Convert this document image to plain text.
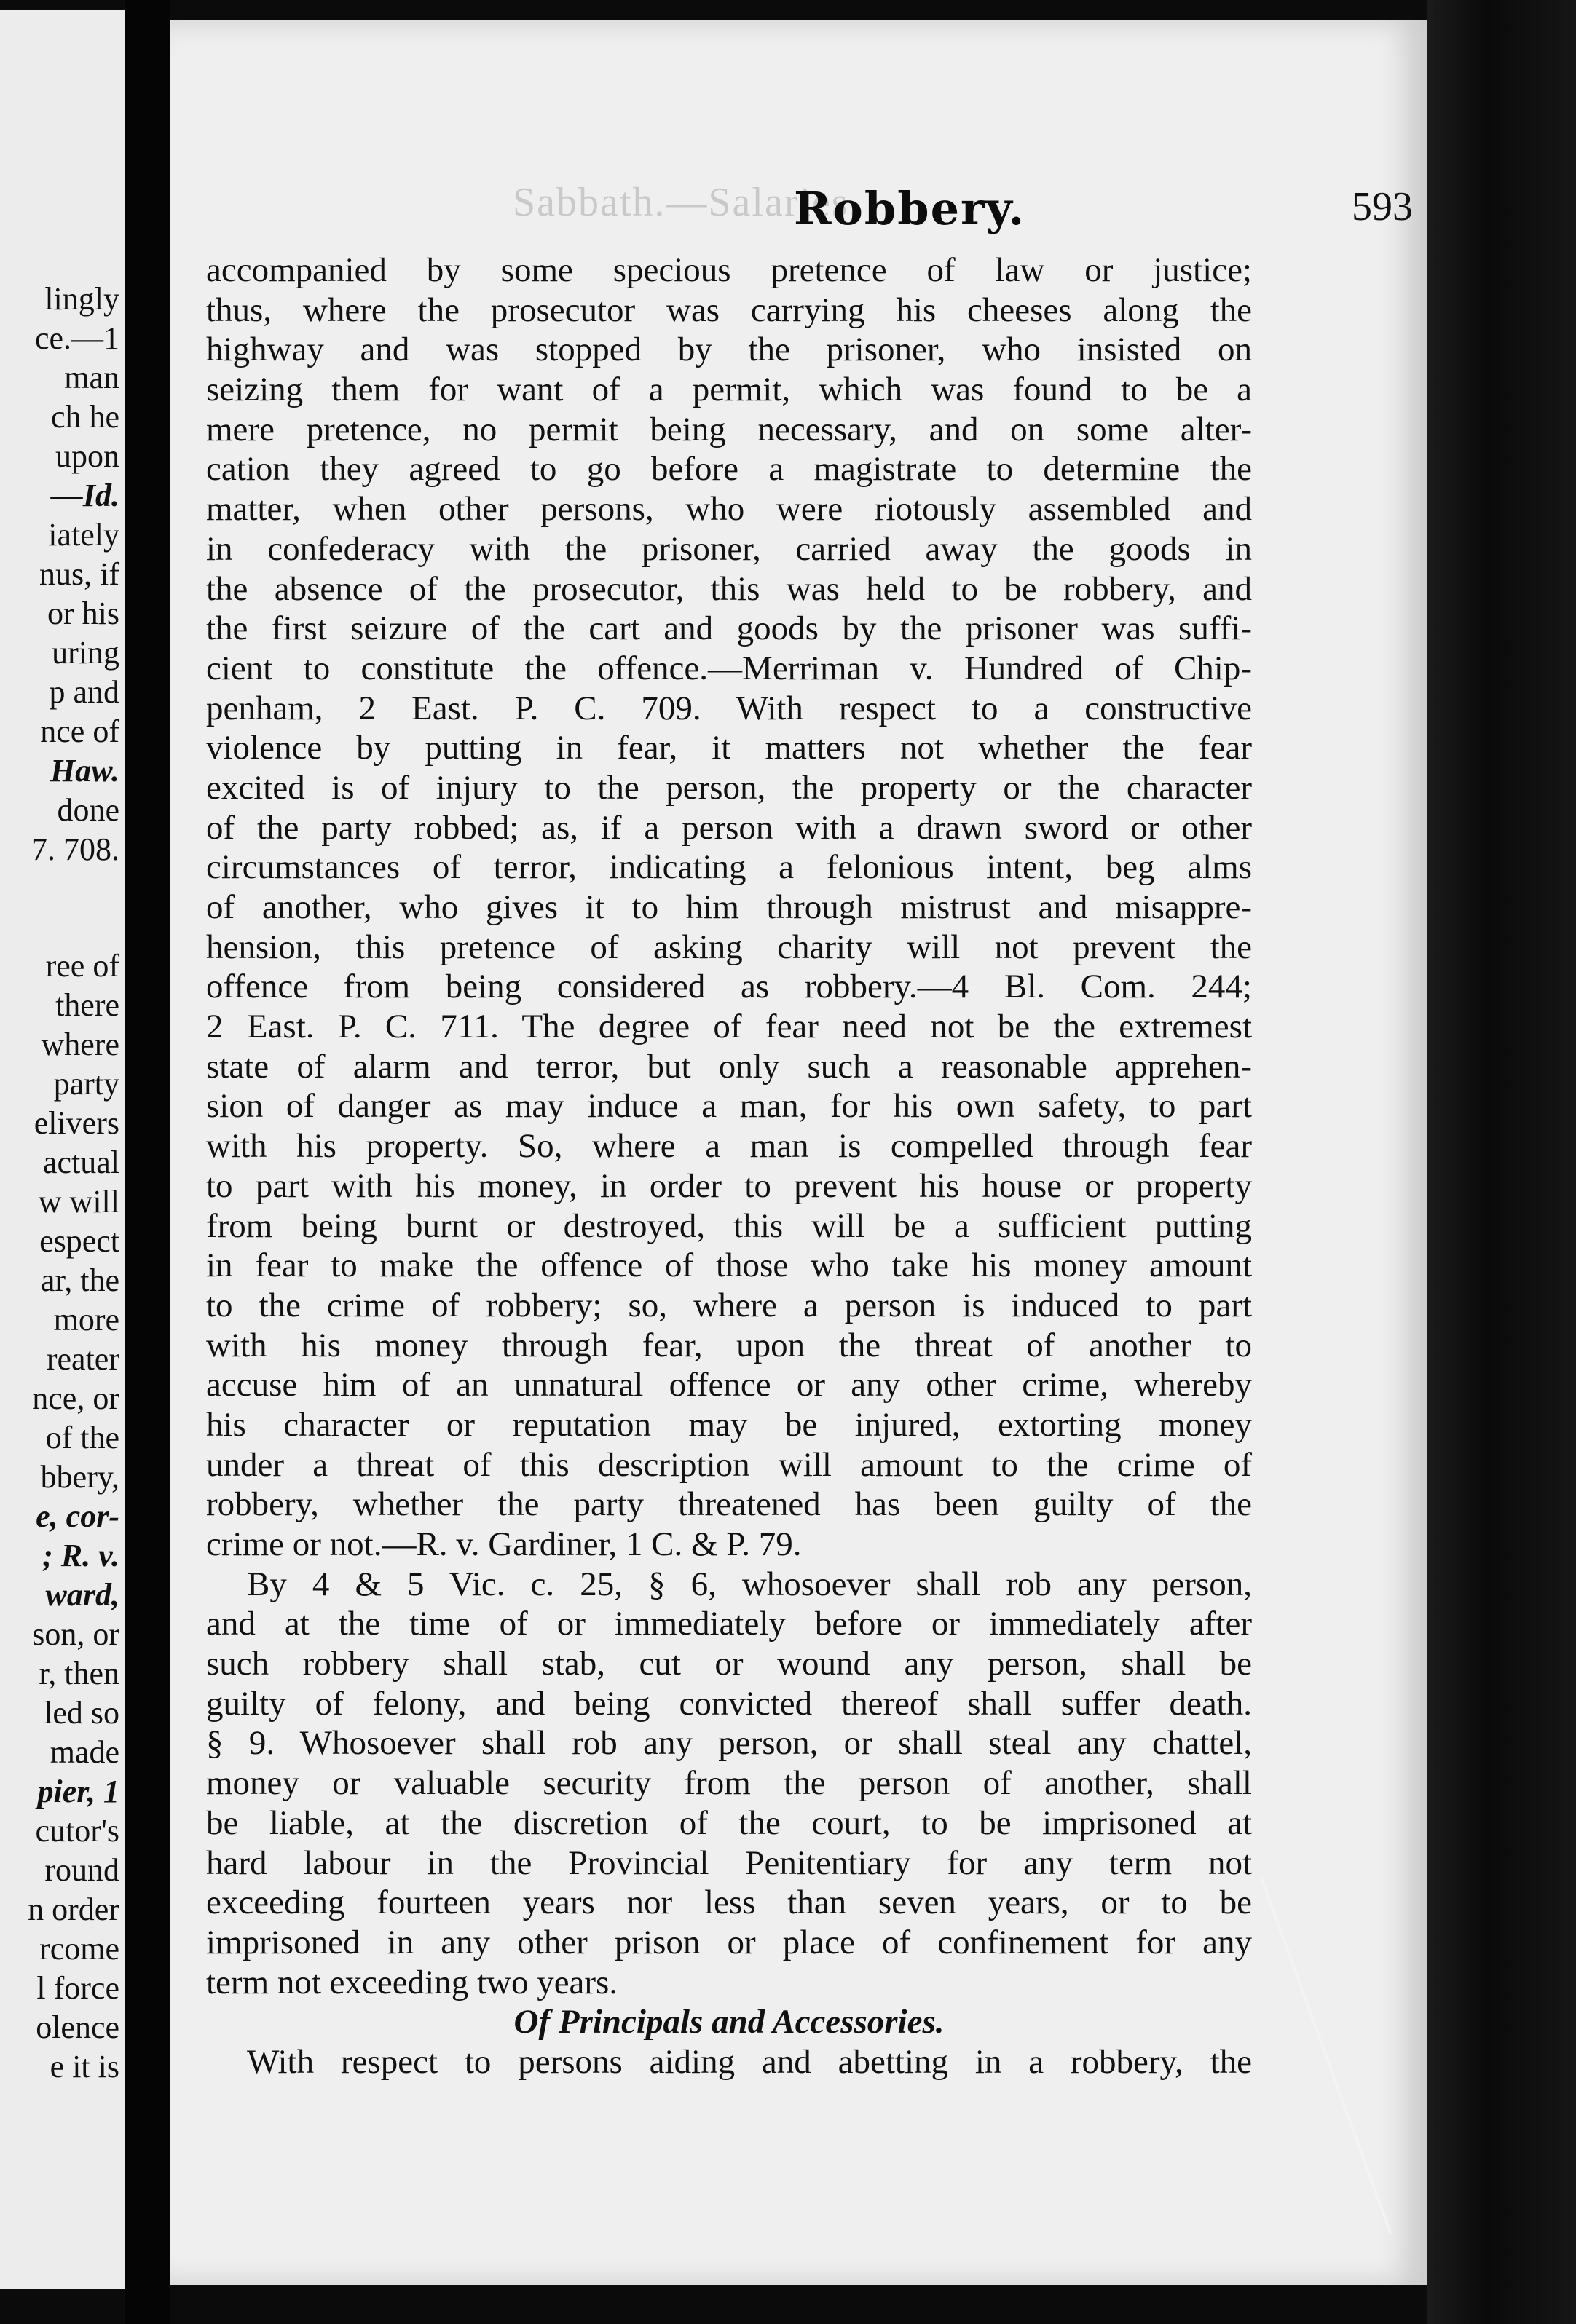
lingly
ce.—1
man
ch he
upon
—Id.
iately
nus, if
or his
uring
p and
nce of
Haw.
done
7. 708.
ree of
there
where
party
elivers
actual
w will
espect
ar, the
more
reater
nce, or
of the
bbery,
e, cor-
; R. v.
ward,
son, or
r, then
led so
made
pier, 1
cutor's
round
n order
rcome
l force
olence
e it is
Sabbath.—Salaries.
Robbery.	593
accompanied by some specious pretence of law or justice;
thus, where the prosecutor was carrying his cheeses along the
highway and was stopped by the prisoner, who insisted on
seizing them for want of a permit, which was found to be a
mere pretence, no permit being necessary, and on some alter-
cation they agreed to go before a magistrate to determine the
matter, when other persons, who were riotously assembled and
in confederacy with the prisoner, carried away the goods in
the absence of the prosecutor, this was held to be robbery, and
the first seizure of the cart and goods by the prisoner was suffi-
cient to constitute the offence.—Merriman v. Hundred of Chip-
penham, 2 East. P. C. 709. With respect to a constructive
violence by putting in fear, it matters not whether the fear
excited is of injury to the person, the property or the character
of the party robbed; as, if a person with a drawn sword or other
circumstances of terror, indicating a felonious intent, beg alms
of another, who gives it to him through mistrust and misappre-
hension, this pretence of asking charity will not prevent the
offence from being considered as robbery.—4 Bl. Com. 244;
2 East. P. C. 711. The degree of fear need not be the extremest
state of alarm and terror, but only such a reasonable apprehen-
sion of danger as may induce a man, for his own safety, to part
with his property. So, where a man is compelled through fear
to part with his money, in order to prevent his house or property
from being burnt or destroyed, this will be a sufficient putting
in fear to make the offence of those who take his money amount
to the crime of robbery; so, where a person is induced to part
with his money through fear, upon the threat of another to
accuse him of an unnatural offence or any other crime, whereby
his character or reputation may be injured, extorting money
under a threat of this description will amount to the crime of
robbery, whether the party threatened has been guilty of the
crime or not.—R. v. Gardiner, 1 C. & P. 79.
By 4 & 5 Vic. c. 25, § 6, whosoever shall rob any person,
and at the time of or immediately before or immediately after
such robbery shall stab, cut or wound any person, shall be
guilty of felony, and being convicted thereof shall suffer death.
§ 9. Whosoever shall rob any person, or shall steal any chattel,
money or valuable security from the person of another, shall
be liable, at the discretion of the court, to be imprisoned at
hard labour in the Provincial Penitentiary for any term not
exceeding fourteen years nor less than seven years, or to be
imprisoned in any other prison or place of confinement for any
term not exceeding two years.
Of Principals and Accessories.
With respect to persons aiding and abetting in a robbery, the
